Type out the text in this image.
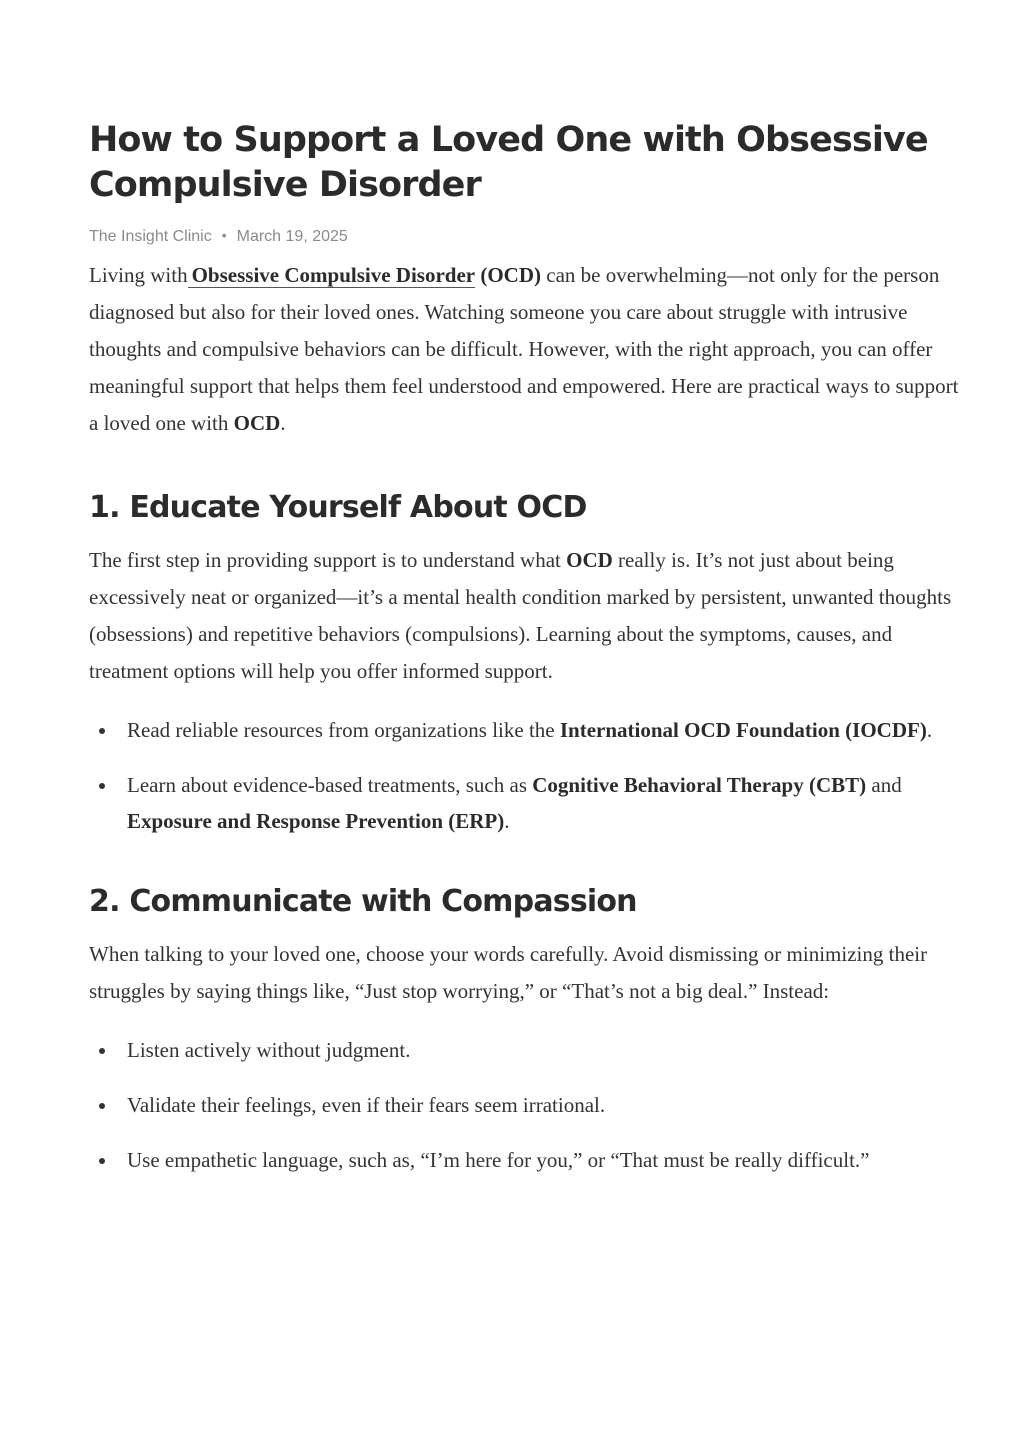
How to Support a Loved One with Obsessive Compulsive Disorder
The Insight Clinic • March 19, 2025

Living with Obsessive Compulsive Disorder (OCD) can be overwhelming—not only for the person diagnosed but also for their loved ones. Watching someone you care about struggle with intrusive thoughts and compulsive behaviors can be difficult. However, with the right approach, you can offer meaningful support that helps them feel understood and empowered. Here are practical ways to support a loved one with OCD.

1. Educate Yourself About OCD

The first step in providing support is to understand what OCD really is. It’s not just about being excessively neat or organized—it’s a mental health condition marked by persistent, unwanted thoughts (obsessions) and repetitive behaviors (compulsions). Learning about the symptoms, causes, and treatment options will help you offer informed support.

Read reliable resources from organizations like the International OCD Foundation (IOCDF).
Learn about evidence-based treatments, such as Cognitive Behavioral Therapy (CBT) and Exposure and Response Prevention (ERP).
2. Communicate with Compassion

When talking to your loved one, choose your words carefully. Avoid dismissing or minimizing their struggles by saying things like, “Just stop worrying,” or “That’s not a big deal.” Instead:

Listen actively without judgment.
Validate their feelings, even if their fears seem irrational.
Use empathetic language, such as, “I’m here for you,” or “That must be really difficult.”
